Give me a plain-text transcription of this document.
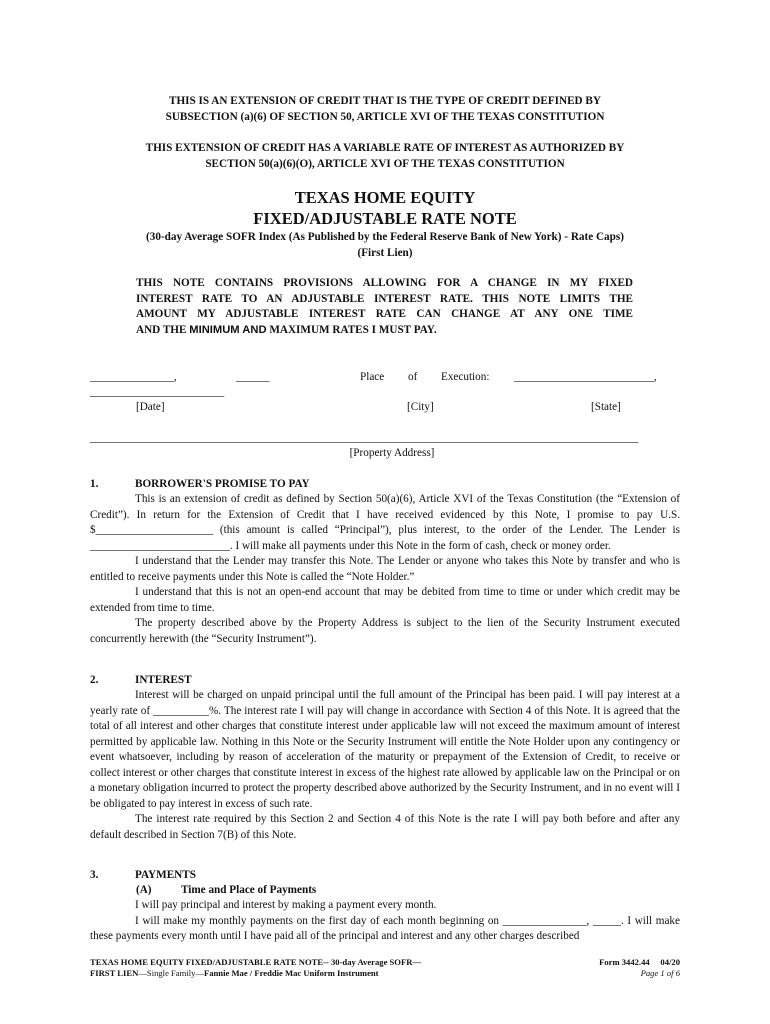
THIS IS AN EXTENSION OF CREDIT THAT IS THE TYPE OF CREDIT DEFINED BY
SUBSECTION (a)(6) OF SECTION 50, ARTICLE XVI OF THE TEXAS CONSTITUTION
THIS EXTENSION OF CREDIT HAS A VARIABLE RATE OF INTEREST AS AUTHORIZED BY
SECTION 50(a)(6)(O), ARTICLE XVI OF THE TEXAS CONSTITUTION
TEXAS HOME EQUITY
FIXED/ADJUSTABLE RATE NOTE
(30-day Average SOFR Index (As Published by the Federal Reserve Bank of New York) - Rate Caps)
(First Lien)
THIS NOTE CONTAINS PROVISIONS ALLOWING FOR A CHANGE IN MY FIXED
INTEREST RATE TO AN ADJUSTABLE INTEREST RATE. THIS NOTE LIMITS THE
AMOUNT MY ADJUSTABLE INTEREST RATE CAN CHANGE AT ANY ONE TIME
AND THE MINIMUM AND MAXIMUM RATES I MUST PAY.
_______________,	______	Place of Execution: _________________________,
________________________
[Date]	[City]	[State]
__________________________________________________________________________________________________
[Property Address]
1.	BORROWER'S PROMISE TO PAY

This is an extension of credit as defined by Section 50(a)(6), Article XVI of the Texas Constitution (the “Extension of Credit”). In return for the Extension of Credit that I have received evidenced by this Note, I promise to pay U.S. $_____________________ (this amount is called “Principal”), plus interest, to the order of the Lender. The Lender is _________________________. I will make all payments under this Note in the form of cash, check or money order.

I understand that the Lender may transfer this Note. The Lender or anyone who takes this Note by transfer and who is entitled to receive payments under this Note is called the “Note Holder.”

I understand that this is not an open-end account that may be debited from time to time or under which credit may be extended from time to time.

The property described above by the Property Address is subject to the lien of the Security Instrument executed concurrently herewith (the “Security Instrument”).

2.	INTEREST

Interest will be charged on unpaid principal until the full amount of the Principal has been paid. I will pay interest at a yearly rate of __________%. The interest rate I will pay will change in accordance with Section 4 of this Note. It is agreed that the total of all interest and other charges that constitute interest under applicable law will not exceed the maximum amount of interest permitted by applicable law. Nothing in this Note or the Security Instrument will entitle the Note Holder upon any contingency or event whatsoever, including by reason of acceleration of the maturity or prepayment of the Extension of Credit, to receive or collect interest or other charges that constitute interest in excess of the highest rate allowed by applicable law on the Principal or on a monetary obligation incurred to protect the property described above authorized by the Security Instrument, and in no event will I be obligated to pay interest in excess of such rate.

The interest rate required by this Section 2 and Section 4 of this Note is the rate I will pay both before and after any default described in Section 7(B) of this Note.

3.	PAYMENTS
(A)	Time and Place of Payments

I will pay principal and interest by making a payment every month.

I will make my monthly payments on the first day of each month beginning on _______________, _____. I will make these payments every month until I have paid all of the principal and interest and any other charges described

TEXAS HOME EQUITY FIXED/ADJUSTABLE RATE NOTE-- 30-day Average SOFR—
FIRST LIEN—Single Family—Fannie Mae / Freddie Mac Uniform Instrument
Form 3442.44     04/20
Page 1 of 6
